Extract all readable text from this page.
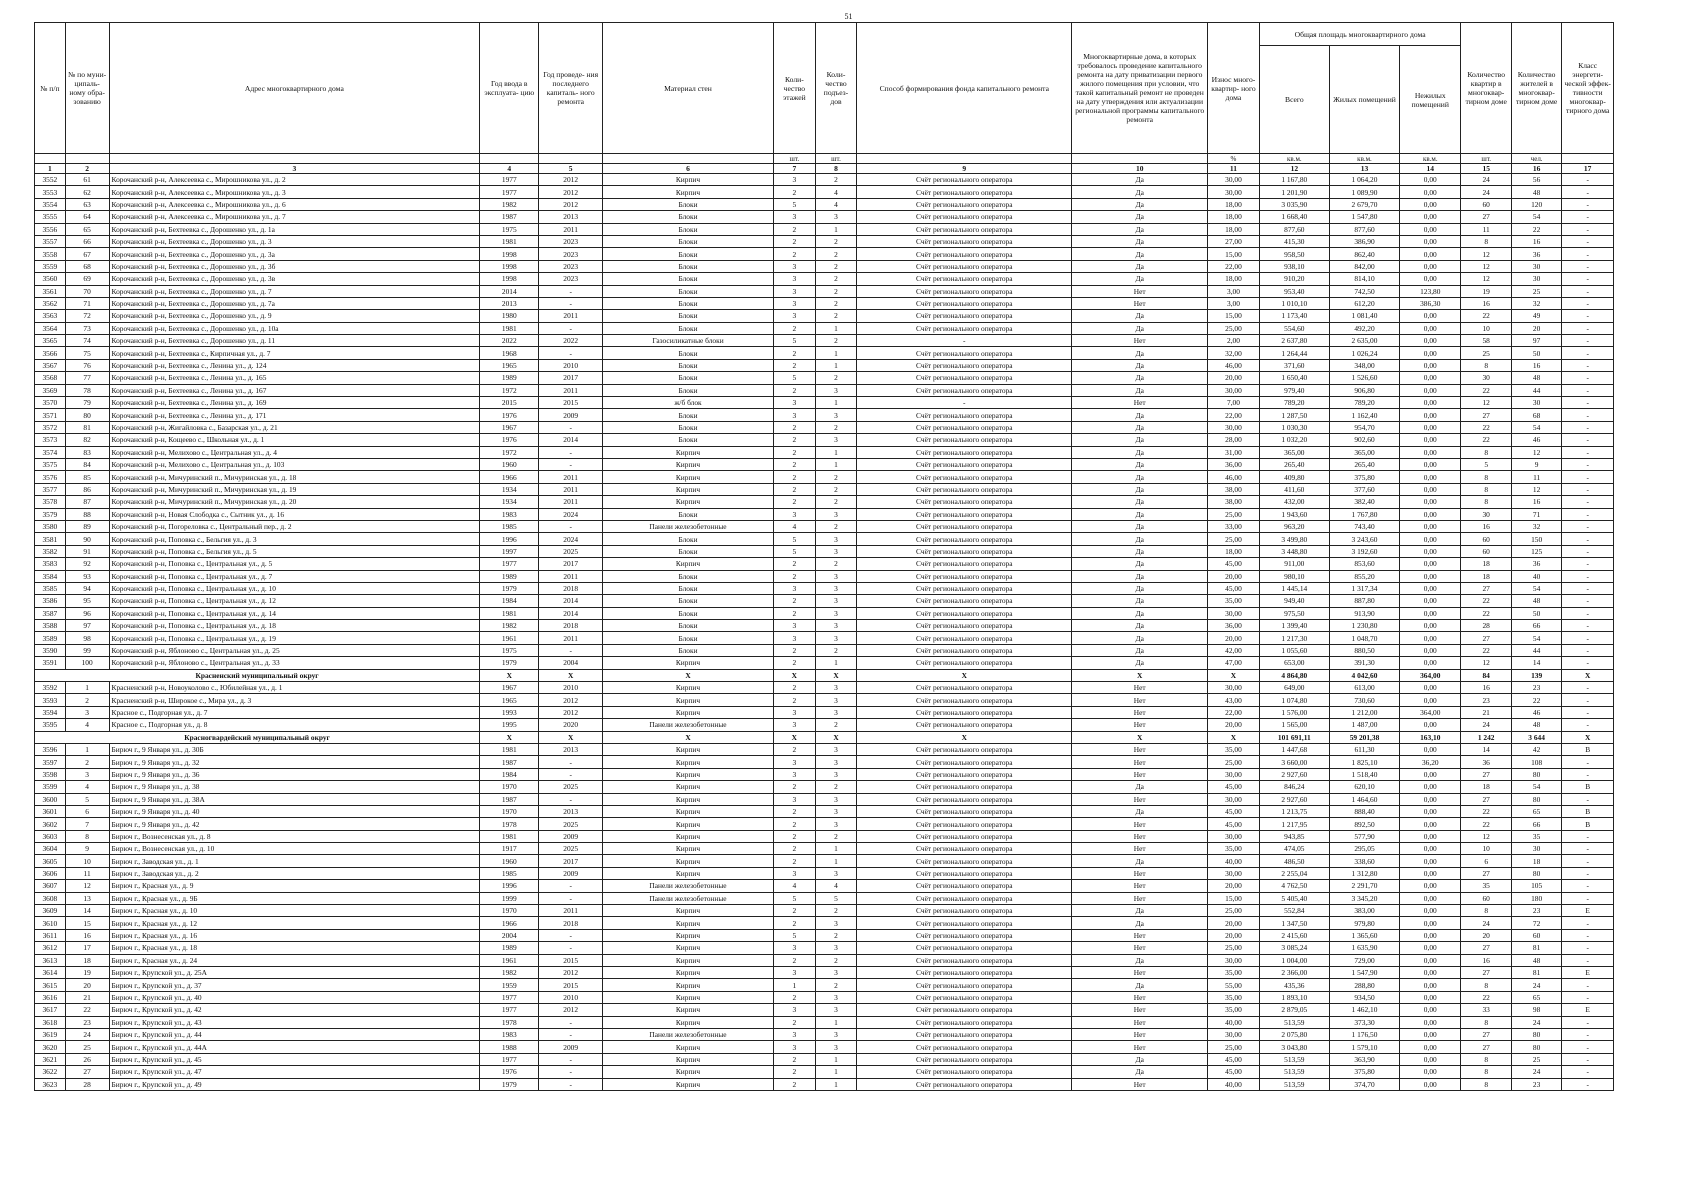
51
№ п/п	№ по муни- ципаль- ному обра- зованию	Адрес многоквартирного дома	Год ввода в эксплуата- цию	Год проведе- ния последнего капиталь- ного ремонта	Материал стен	Коли- чество этажей	Коли- чество подъез- дов	Способ формирования фонда капитального ремонта	Многоквартирные дома, в которых требовалось проведение капитального ремонта на дату приватизации первого жилого помещения при условии, что такой капитальный ремонт не проведен на дату утверждения или актуализации региональной программы капитального ремонта	Износ много- квартир- ного дома	Общая площадь многоквартирного дома			Количество квартир в многоквар- тирном доме	Количество жителей в многоквар- тирном доме	Класс энергети- ческой эффек- тивности многоквар- тирного дома
											Всего	Жилых помещений	Нежилых помещений			
						шт.	шт.			%	кв.м.	кв.м.	кв.м.	шт.	чел.	
1	2	3	4	5	6	7	8	9	10	11	12	13	14	15	16	17
3552	61	Корочанский р-н, Алексеевка с., Мирошникова ул., д. 2	1977	2012	Кирпич	3	2	Счёт регионального оператора	Да	30,00	1 167,80	1 064,20	0,00	24	56	-
3553	62	Корочанский р-н, Алексеевка с., Мирошникова ул., д. 3	1977	2012	Кирпич	2	4	Счёт регионального оператора	Да	30,00	1 201,90	1 089,90	0,00	24	48	-
3554	63	Корочанский р-н, Алексеевка с., Мирошникова ул., д. 6	1982	2012	Блоки	5	4	Счёт регионального оператора	Да	18,00	3 035,90	2 679,70	0,00	60	120	-
3555	64	Корочанский р-н, Алексеевка с., Мирошникова ул., д. 7	1987	2013	Блоки	3	3	Счёт регионального оператора	Да	18,00	1 668,40	1 547,80	0,00	27	54	-
3556	65	Корочанский р-н, Бехтеевка с., Дорошенко ул., д. 1а	1975	2011	Блоки	2	1	Счёт регионального оператора	Да	18,00	877,60	877,60	0,00	11	22	-
3557	66	Корочанский р-н, Бехтеевка с., Дорошенко ул., д. 3	1981	2023	Блоки	2	2	Счёт регионального оператора	Да	27,00	415,30	386,90	0,00	8	16	-
3558	67	Корочанский р-н, Бехтеевка с., Дорошенко ул., д. 3а	1998	2023	Блоки	2	2	Счёт регионального оператора	Да	15,00	958,50	862,40	0,00	12	36	-
3559	68	Корочанский р-н, Бехтеевка с., Дорошенко ул., д. 3б	1998	2023	Блоки	3	2	Счёт регионального оператора	Да	22,00	938,10	842,00	0,00	12	30	-
3560	69	Корочанский р-н, Бехтеевка с., Дорошенко ул., д. 3в	1998	2023	Блоки	3	2	Счёт регионального оператора	Да	18,00	910,20	814,10	0,00	12	30	-
3561	70	Корочанский р-н, Бехтеевка с., Дорошенко ул., д. 7	2014	-	Блоки	3	2	Счёт регионального оператора	Нет	3,00	953,40	742,50	123,80	19	25	-
3562	71	Корочанский р-н, Бехтеевка с., Дорошенко ул., д. 7а	2013	-	Блоки	3	2	Счёт регионального оператора	Нет	3,00	1 010,10	612,20	386,30	16	32	-
3563	72	Корочанский р-н, Бехтеевка с., Дорошенко ул., д. 9	1980	2011	Блоки	3	2	Счёт регионального оператора	Да	15,00	1 173,40	1 081,40	0,00	22	49	-
3564	73	Корочанский р-н, Бехтеевка с., Дорошенко ул., д. 10а	1981	-	Блоки	2	1	Счёт регионального оператора	Да	25,00	554,60	492,20	0,00	10	20	-
3565	74	Корочанский р-н, Бехтеевка с., Дорошенко ул., д. 11	2022	2022	Газосиликатные блоки	5	2	-	Нет	2,00	2 637,80	2 635,00	0,00	58	97	-
3566	75	Корочанский р-н, Бехтеевка с., Кирпичная ул., д. 7	1968	-	Блоки	2	1	Счёт регионального оператора	Да	32,00	1 264,44	1 026,24	0,00	25	50	-
3567	76	Корочанский р-н, Бехтеевка с., Ленина ул., д. 124	1965	2010	Блоки	2	1	Счёт регионального оператора	Да	46,00	371,60	348,00	0,00	8	16	-
3568	77	Корочанский р-н, Бехтеевка с., Ленина ул., д. 165	1989	2017	Блоки	5	2	Счёт регионального оператора	Да	20,00	1 650,40	1 526,60	0,00	30	48	-
3569	78	Корочанский р-н, Бехтеевка с., Ленина ул., д. 167	1972	2011	Блоки	2	3	Счёт регионального оператора	Да	30,00	979,40	906,80	0,00	22	44	-
3570	79	Корочанский р-н, Бехтеевка с., Ленина ул., д. 169	2015	2015	ж/б блок	3	1	-	Нет	7,00	789,20	789,20	0,00	12	30	-
3571	80	Корочанский р-н, Бехтеевка с., Ленина ул., д. 171	1976	2009	Блоки	3	3	Счёт регионального оператора	Да	22,00	1 287,50	1 162,40	0,00	27	68	-
3572	81	Корочанский р-н, Жигайловка с., Базарская ул., д. 21	1967	-	Блоки	2	2	Счёт регионального оператора	Да	30,00	1 030,30	954,70	0,00	22	54	-
3573	82	Корочанский р-н, Кощеево с., Школьная ул., д. 1	1976	2014	Блоки	2	3	Счёт регионального оператора	Да	28,00	1 032,20	902,60	0,00	22	46	-
3574	83	Корочанский р-н, Мелихово с., Центральная ул., д. 4	1972	-	Кирпич	2	1	Счёт регионального оператора	Да	31,00	365,00	365,00	0,00	8	12	-
3575	84	Корочанский р-н, Мелихово с., Центральная ул., д. 103	1960	-	Кирпич	2	1	Счёт регионального оператора	Да	36,00	265,40	265,40	0,00	5	9	-
3576	85	Корочанский р-н, Мичуринский п., Мичуринская ул., д. 18	1966	2011	Кирпич	2	2	Счёт регионального оператора	Да	46,00	409,80	375,80	0,00	8	11	-
3577	86	Корочанский р-н, Мичуринский п., Мичуринская ул., д. 19	1934	2011	Кирпич	2	2	Счёт регионального оператора	Да	38,00	411,60	377,60	0,00	8	12	-
3578	87	Корочанский р-н, Мичуринский п., Мичуринская ул., д. 20	1934	2011	Кирпич	2	2	Счёт регионального оператора	Да	38,00	432,00	382,40	0,00	8	16	-
3579	88	Корочанский р-н, Новая Слободка с., Сытник ул., д. 16	1983	2024	Блоки	3	3	Счёт регионального оператора	Да	25,00	1 943,60	1 767,80	0,00	30	71	-
3580	89	Корочанский р-н, Погореловка с., Центральный пер., д. 2	1985	-	Панели железобетонные	4	2	Счёт регионального оператора	Да	33,00	963,20	743,40	0,00	16	32	-
3581	90	Корочанский р-н, Поповка с., Бельгия ул., д. 3	1996	2024	Блоки	5	3	Счёт регионального оператора	Да	25,00	3 499,80	3 243,60	0,00	60	150	-
3582	91	Корочанский р-н, Поповка с., Бельгия ул., д. 5	1997	2025	Блоки	5	3	Счёт регионального оператора	Да	18,00	3 448,80	3 192,60	0,00	60	125	-
3583	92	Корочанский р-н, Поповка с., Центральная ул., д. 5	1977	2017	Кирпич	2	2	Счёт регионального оператора	Да	45,00	911,00	853,60	0,00	18	36	-
3584	93	Корочанский р-н, Поповка с., Центральная ул., д. 7	1989	2011	Блоки	2	3	Счёт регионального оператора	Да	20,00	980,10	855,20	0,00	18	40	-
3585	94	Корочанский р-н, Поповка с., Центральная ул., д. 10	1979	2018	Блоки	3	3	Счёт регионального оператора	Да	45,00	1 445,14	1 317,34	0,00	27	54	-
3586	95	Корочанский р-н, Поповка с., Центральная ул., д. 12	1984	2014	Блоки	2	3	Счёт регионального оператора	Да	35,00	949,40	887,80	0,00	22	48	-
3587	96	Корочанский р-н, Поповка с., Центральная ул., д. 14	1981	2014	Блоки	2	3	Счёт регионального оператора	Да	30,00	975,50	913,90	0,00	22	50	-
3588	97	Корочанский р-н, Поповка с., Центральная ул., д. 18	1982	2018	Блоки	3	3	Счёт регионального оператора	Да	36,00	1 399,40	1 230,80	0,00	28	66	-
3589	98	Корочанский р-н, Поповка с., Центральная ул., д. 19	1961	2011	Блоки	3	3	Счёт регионального оператора	Да	20,00	1 217,30	1 048,70	0,00	27	54	-
3590	99	Корочанский р-н, Яблоново с., Центральная ул., д. 25	1975	-	Блоки	2	2	Счёт регионального оператора	Да	42,00	1 055,60	880,50	0,00	22	44	-
3591	100	Корочанский р-н, Яблоново с., Центральная ул., д. 33	1979	2004	Кирпич	2	1	Счёт регионального оператора	Да	47,00	653,00	391,30	0,00	12	14	-
Красненский муниципальный округ			X	X	X	X	X	X	X	X	4 864,80	4 042,60	364,00	84	139	X
3592	1	Красненский р-н, Новоуколово с., Юбилейная ул., д. 1	1967	2010	Кирпич	2	3	Счёт регионального оператора	Нет	30,00	649,00	613,00	0,00	16	23	-
3593	2	Красненский р-н, Широкое с., Мира ул., д. 3	1965	2012	Кирпич	2	3	Счёт регионального оператора	Нет	43,00	1 074,80	730,60	0,00	23	22	-
3594	3	Красное с., Подгорная ул., д. 7	1993	2012	Кирпич	3	3	Счёт регионального оператора	Нет	22,00	1 576,00	1 212,00	364,00	21	46	-
3595	4	Красное с., Подгорная ул., д. 8	1995	2020	Панели железобетонные	3	2	Счёт регионального оператора	Нет	20,00	1 565,00	1 487,00	0,00	24	48	-
Красногвардейский муниципальный округ			X	X	X	X	X	X	X	X	101 691,11	59 201,38	163,10	1 242	3 644	X
3596	1	Бирюч г., 9 Января ул., д. 30Б	1981	2013	Кирпич	2	3	Счёт регионального оператора	Нет	35,00	1 447,68	611,30	0,00	14	42	В
3597	2	Бирюч г., 9 Января ул., д. 32	1987	-	Кирпич	3	3	Счёт регионального оператора	Нет	25,00	3 660,00	1 825,10	36,20	36	108	-
3598	3	Бирюч г., 9 Января ул., д. 36	1984	-	Кирпич	3	3	Счёт регионального оператора	Нет	30,00	2 927,60	1 518,40	0,00	27	80	-
3599	4	Бирюч г., 9 Января ул., д. 38	1970	2025	Кирпич	2	2	Счёт регионального оператора	Да	45,00	846,24	620,10	0,00	18	54	В
3600	5	Бирюч г., 9 Января ул., д. 38А	1987	-	Кирпич	3	3	Счёт регионального оператора	Нет	30,00	2 927,60	1 464,60	0,00	27	80	-
3601	6	Бирюч г., 9 Января ул., д. 40	1970	2013	Кирпич	2	3	Счёт регионального оператора	Да	45,00	1 213,75	888,40	0,00	22	65	В
3602	7	Бирюч г., 9 Января ул., д. 42	1978	2025	Кирпич	2	3	Счёт регионального оператора	Нет	45,00	1 217,95	892,50	0,00	22	66	В
3603	8	Бирюч г., Вознесенская ул., д. 8	1981	2009	Кирпич	2	2	Счёт регионального оператора	Нет	30,00	943,85	577,90	0,00	12	35	-
3604	9	Бирюч г., Вознесенская ул., д. 10	1917	2025	Кирпич	2	1	Счёт регионального оператора	Нет	35,00	474,05	295,05	0,00	10	30	-
3605	10	Бирюч г., Заводская ул., д. 1	1960	2017	Кирпич	2	1	Счёт регионального оператора	Да	40,00	486,50	338,60	0,00	6	18	-
3606	11	Бирюч г., Заводская ул., д. 2	1985	2009	Кирпич	3	3	Счёт регионального оператора	Нет	30,00	2 255,04	1 312,80	0,00	27	80	-
3607	12	Бирюч г., Красная ул., д. 9	1996	-	Панели железобетонные	4	4	Счёт регионального оператора	Нет	20,00	4 762,50	2 291,70	0,00	35	105	-
3608	13	Бирюч г., Красная ул., д. 9Б	1999	-	Панели железобетонные	5	5	Счёт регионального оператора	Нет	15,00	5 405,40	3 345,20	0,00	60	180	-
3609	14	Бирюч г., Красная ул., д. 10	1970	2011	Кирпич	2	2	Счёт регионального оператора	Да	25,00	552,84	383,00	0,00	8	23	Е
3610	15	Бирюч г., Красная ул., д. 12	1966	2018	Кирпич	2	3	Счёт регионального оператора	Да	20,00	1 347,50	979,80	0,00	24	72	-
3611	16	Бирюч г., Красная ул., д. 16	2004	-	Кирпич	5	2	Счёт регионального оператора	Нет	20,00	2 415,60	1 365,60	0,00	20	60	-
3612	17	Бирюч г., Красная ул., д. 18	1989	-	Кирпич	3	3	Счёт регионального оператора	Нет	25,00	3 085,24	1 635,90	0,00	27	81	-
3613	18	Бирюч г., Красная ул., д. 24	1961	2015	Кирпич	2	2	Счёт регионального оператора	Да	30,00	1 004,00	729,00	0,00	16	48	-
3614	19	Бирюч г., Крупской ул., д. 25А	1982	2012	Кирпич	3	3	Счёт регионального оператора	Нет	35,00	2 366,00	1 547,90	0,00	27	81	Е
3615	20	Бирюч г., Крупской ул., д. 37	1959	2015	Кирпич	1	2	Счёт регионального оператора	Да	55,00	435,36	288,80	0,00	8	24	-
3616	21	Бирюч г., Крупской ул., д. 40	1977	2010	Кирпич	2	3	Счёт регионального оператора	Нет	35,00	1 893,10	934,50	0,00	22	65	-
3617	22	Бирюч г., Крупской ул., д. 42	1977	2012	Кирпич	3	3	Счёт регионального оператора	Нет	35,00	2 879,05	1 462,10	0,00	33	98	Е
3618	23	Бирюч г., Крупской ул., д. 43	1978	-	Кирпич	2	1	Счёт регионального оператора	Нет	40,00	513,59	373,30	0,00	8	24	-
3619	24	Бирюч г., Крупской ул., д. 44	1983	-	Панели железобетонные	3	3	Счёт регионального оператора	Нет	30,00	2 075,80	1 176,50	0,00	27	80	-
3620	25	Бирюч г., Крупской ул., д. 44А	1988	2009	Кирпич	3	3	Счёт регионального оператора	Нет	25,00	3 043,80	1 579,10	0,00	27	80	-
3621	26	Бирюч г., Крупской ул., д. 45	1977	-	Кирпич	2	1	Счёт регионального оператора	Да	45,00	513,59	363,90	0,00	8	25	-
3622	27	Бирюч г., Крупской ул., д. 47	1976	-	Кирпич	2	1	Счёт регионального оператора	Да	45,00	513,59	375,80	0,00	8	24	-
3623	28	Бирюч г., Крупской ул., д. 49	1979	-	Кирпич	2	1	Счёт регионального оператора	Нет	40,00	513,59	374,70	0,00	8	23	-
